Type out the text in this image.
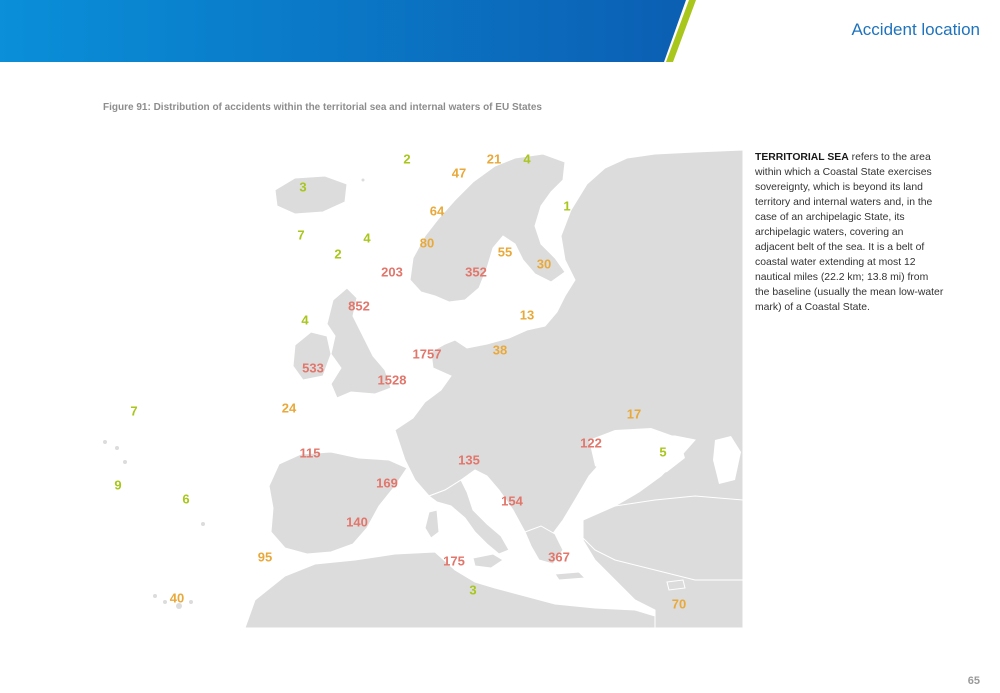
Accident location
Figure 91: Distribution of accidents within the territorial sea and internal waters of EU States
2	21 4
47
3
64	1
7	4	80
55
2
30
203	352
852
13
4
1757	38
533
1528
7	24	17
122
115	5
135
9	169
6	154
140
95	175	367
3
40	70
TERRITORIAL SEA refers to the area within which a Coastal State exercises sovereignty, which is beyond its land territory and internal waters and, in the case of an archipelagic State, its archipelagic waters, covering an adjacent belt of the sea. It is a belt of coastal water extending at most 12 nautical miles (22.2 km; 13.8 mi) from the baseline (usually the mean low-water mark) of a Coastal State.
65
